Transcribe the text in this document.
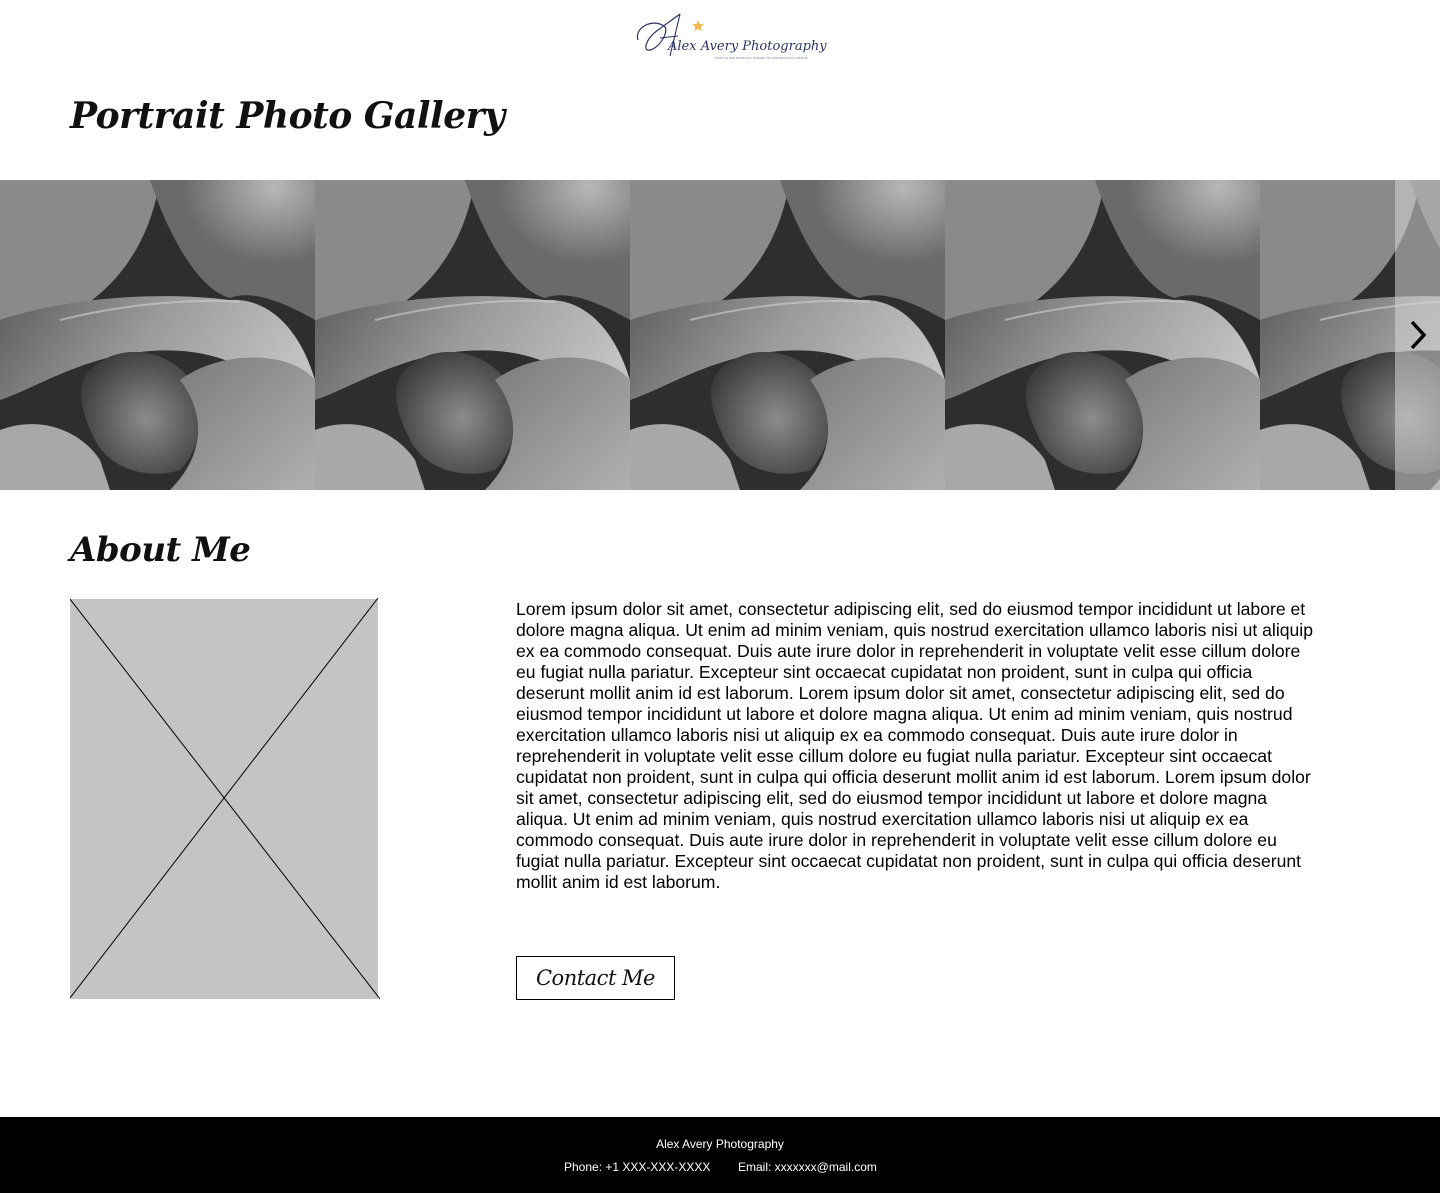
Alex Avery Photography
creating extraordinary images for extraordinary people
Portrait Photo Gallery
About Me

Lorem ipsum dolor sit amet, consectetur adipiscing elit, sed do eiusmod tempor incididunt ut labore et dolore magna aliqua. Ut enim ad minim veniam, quis nostrud exercitation ullamco laboris nisi ut aliquip ex ea commodo consequat. Duis aute irure dolor in reprehenderit in voluptate velit esse cillum dolore eu fugiat nulla pariatur. Excepteur sint occaecat cupidatat non proident, sunt in culpa qui officia deserunt mollit anim id est laborum. Lorem ipsum dolor sit amet, consectetur adipiscing elit, sed do eiusmod tempor incididunt ut labore et dolore magna aliqua. Ut enim ad minim veniam, quis nostrud exercitation ullamco laboris nisi ut aliquip ex ea commodo consequat. Duis aute irure dolor in reprehenderit in voluptate velit esse cillum dolore eu fugiat nulla pariatur. Excepteur sint occaecat cupidatat non proident, sunt in culpa qui officia deserunt mollit anim id est laborum. Lorem ipsum dolor sit amet, consectetur adipiscing elit, sed do eiusmod tempor incididunt ut labore et dolore magna aliqua. Ut enim ad minim veniam, quis nostrud exercitation ullamco laboris nisi ut aliquip ex ea commodo consequat. Duis aute irure dolor in reprehenderit in voluptate velit esse cillum dolore eu fugiat nulla pariatur. Excepteur sint occaecat cupidatat non proident, sunt in culpa qui officia deserunt mollit anim id est laborum.

Contact Me
Alex Avery Photography
Phone: +1 XXX-XXX-XXXX Email: xxxxxxx@mail.com
